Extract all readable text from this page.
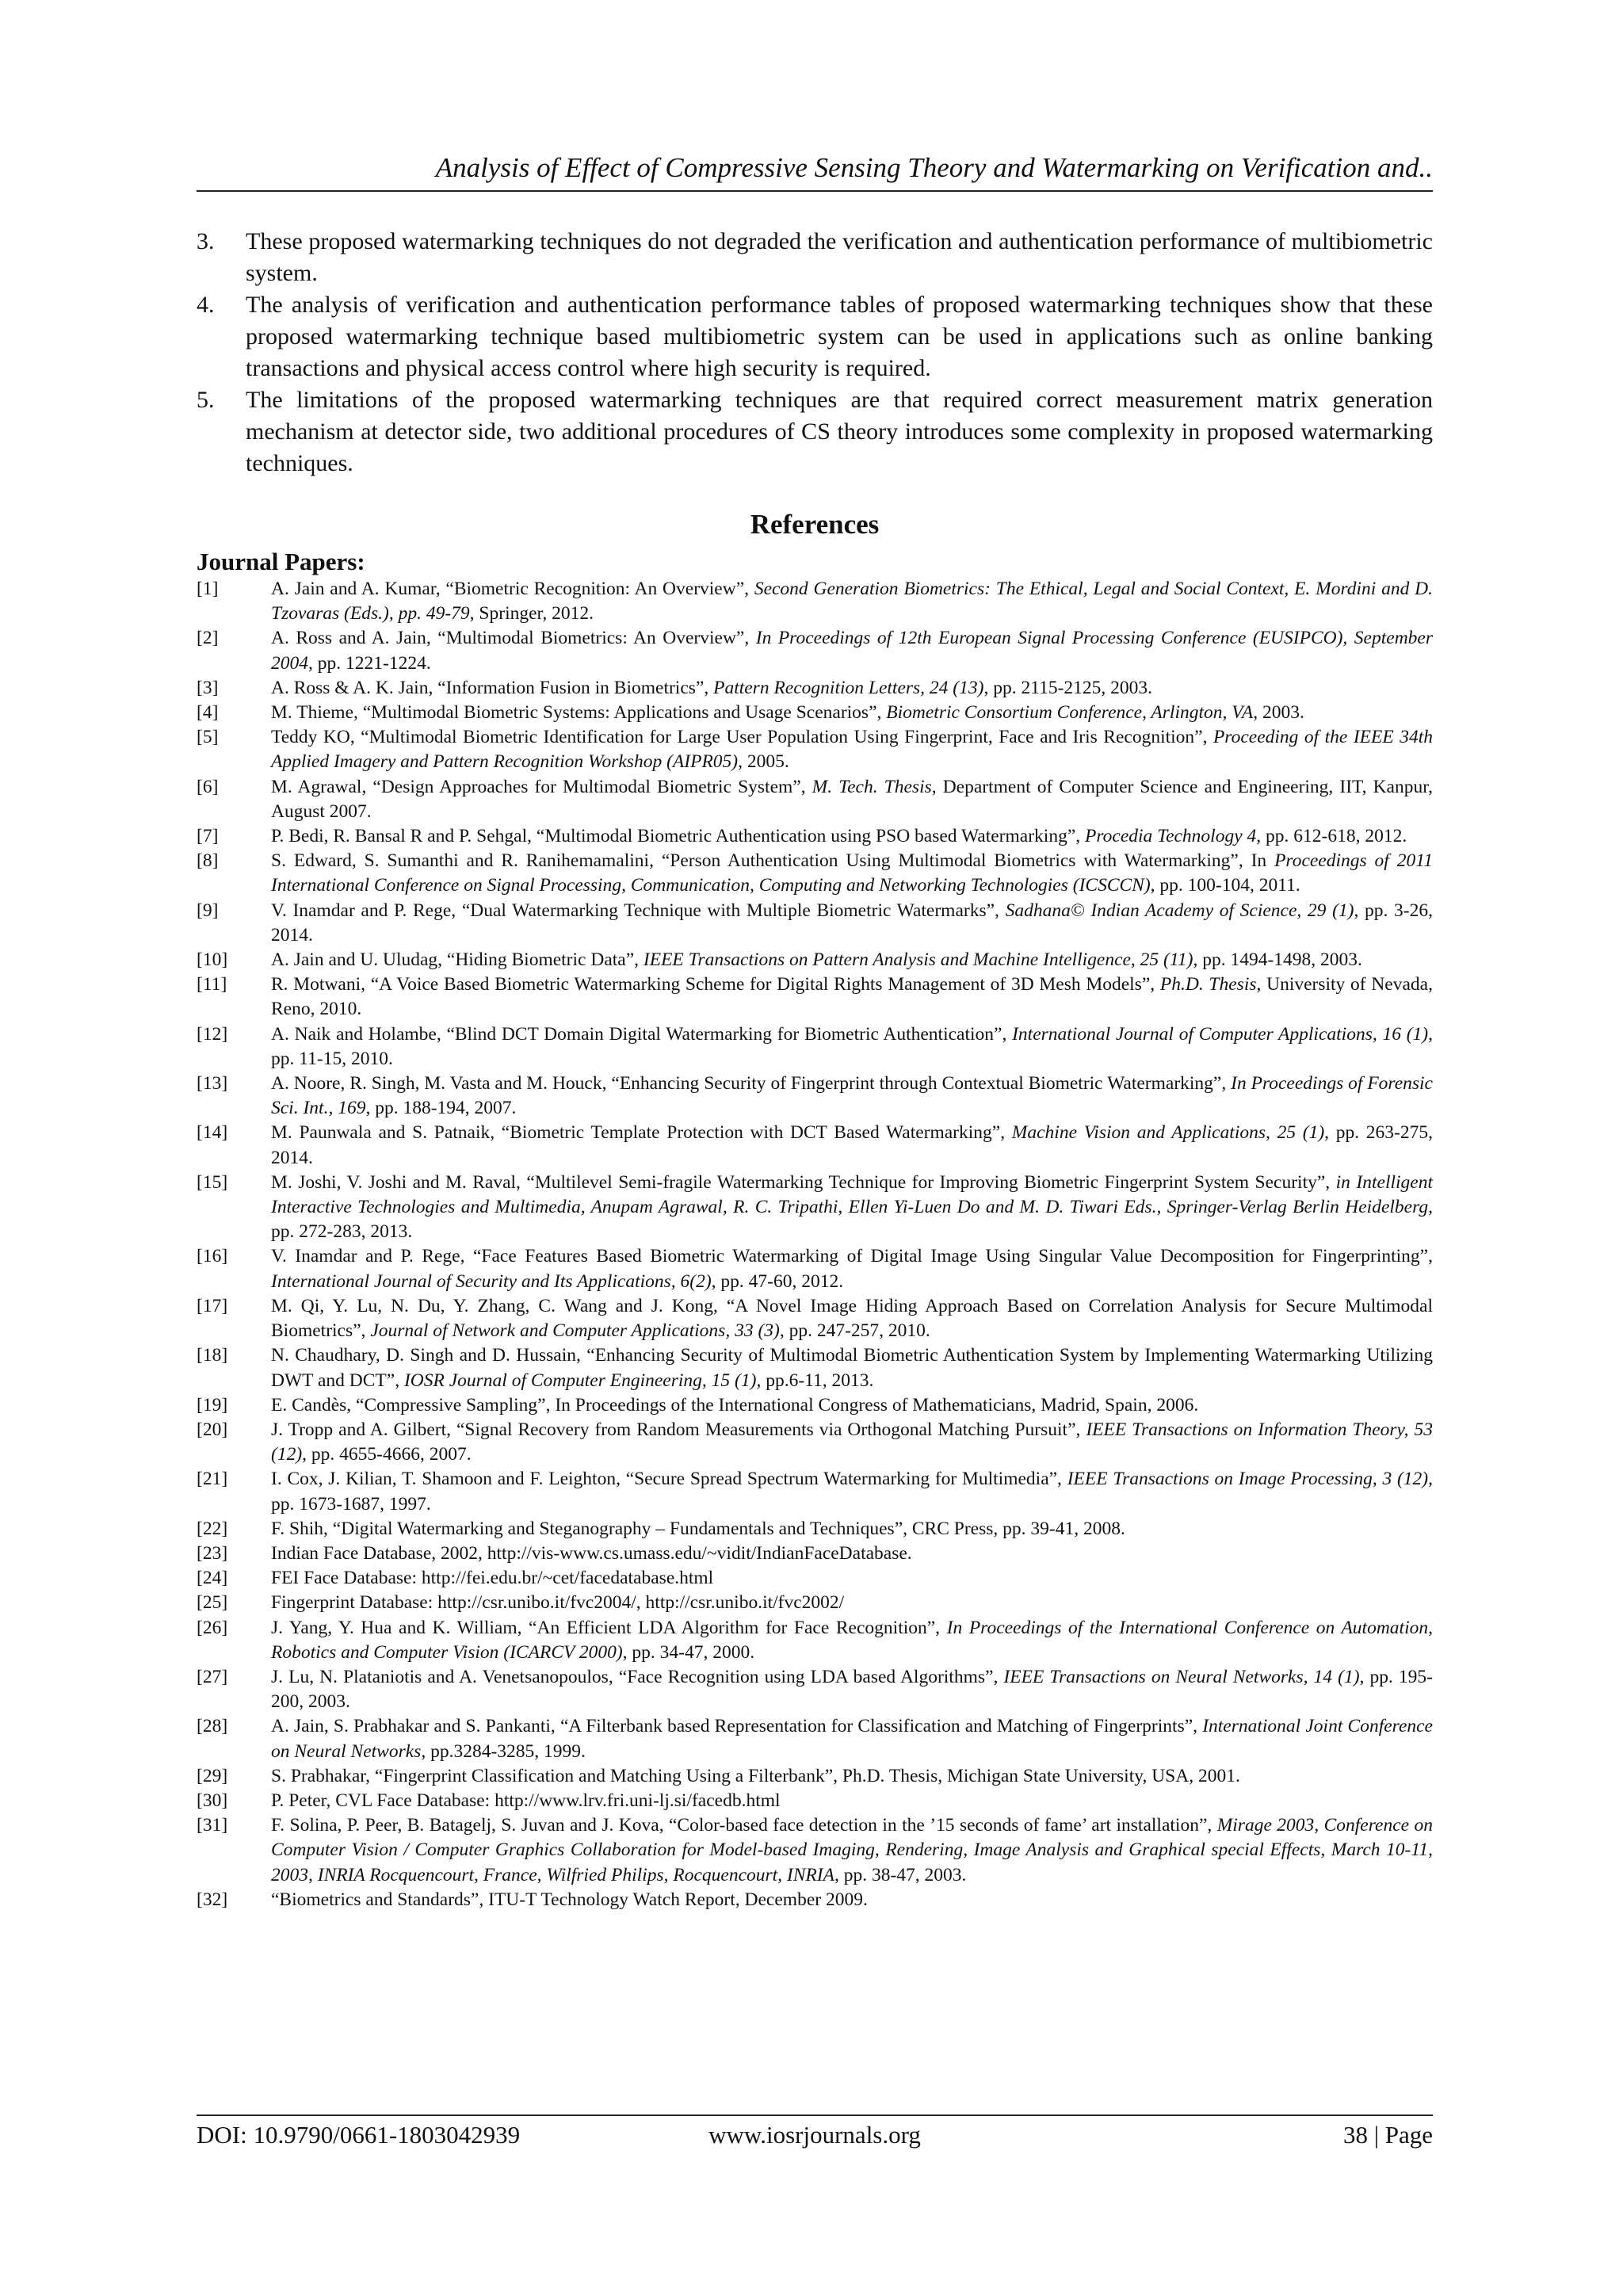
Analysis of Effect of Compressive Sensing Theory and Watermarking on Verification and..
3.	These proposed watermarking techniques do not degraded the verification and authentication performance of multibiometric system.
4.	The analysis of verification and authentication performance tables of proposed watermarking techniques show that these proposed watermarking technique based multibiometric system can be used in applications such as online banking transactions and physical access control where high security is required.
5.	The limitations of the proposed watermarking techniques are that required correct measurement matrix generation mechanism at detector side, two additional procedures of CS theory introduces some complexity in proposed watermarking techniques.
References
Journal Papers:
[1]	A. Jain and A. Kumar, “Biometric Recognition: An Overview”, Second Generation Biometrics: The Ethical, Legal and Social Context, E. Mordini and D. Tzovaras (Eds.), pp. 49-79, Springer, 2012.
[2]	A. Ross and A. Jain, “Multimodal Biometrics: An Overview”, In Proceedings of 12th European Signal Processing Conference (EUSIPCO), September 2004, pp. 1221-1224.
[3]	A. Ross & A. K. Jain, “Information Fusion in Biometrics”, Pattern Recognition Letters, 24 (13), pp. 2115-2125, 2003.
[4]	M. Thieme, “Multimodal Biometric Systems: Applications and Usage Scenarios”, Biometric Consortium Conference, Arlington, VA, 2003.
[5]	Teddy KO, “Multimodal Biometric Identification for Large User Population Using Fingerprint, Face and Iris Recognition”, Proceeding of the IEEE 34th Applied Imagery and Pattern Recognition Workshop (AIPR05), 2005.
[6]	M. Agrawal, “Design Approaches for Multimodal Biometric System”, M. Tech. Thesis, Department of Computer Science and Engineering, IIT, Kanpur, August 2007.
[7]	P. Bedi, R. Bansal R and P. Sehgal, “Multimodal Biometric Authentication using PSO based Watermarking”, Procedia Technology 4, pp. 612-618, 2012.
[8]	S. Edward, S. Sumanthi and R. Ranihemamalini, “Person Authentication Using Multimodal Biometrics with Watermarking”, In Proceedings of 2011 International Conference on Signal Processing, Communication, Computing and Networking Technologies (ICSCCN), pp. 100-104, 2011.
[9]	V. Inamdar and P. Rege, “Dual Watermarking Technique with Multiple Biometric Watermarks”, Sadhana© Indian Academy of Science, 29 (1), pp. 3-26, 2014.
[10]	A. Jain and U. Uludag, “Hiding Biometric Data”, IEEE Transactions on Pattern Analysis and Machine Intelligence, 25 (11), pp. 1494-1498, 2003.
[11]	R. Motwani, “A Voice Based Biometric Watermarking Scheme for Digital Rights Management of 3D Mesh Models”, Ph.D. Thesis, University of Nevada, Reno, 2010.
[12]	A. Naik and Holambe, “Blind DCT Domain Digital Watermarking for Biometric Authentication”, International Journal of Computer Applications, 16 (1), pp. 11-15, 2010.
[13]	A. Noore, R. Singh, M. Vasta and M. Houck, “Enhancing Security of Fingerprint through Contextual Biometric Watermarking”, In Proceedings of Forensic Sci. Int., 169, pp. 188-194, 2007.
[14]	M. Paunwala and S. Patnaik, “Biometric Template Protection with DCT Based Watermarking”, Machine Vision and Applications, 25 (1), pp. 263-275, 2014.
[15]	M. Joshi, V. Joshi and M. Raval, “Multilevel Semi-fragile Watermarking Technique for Improving Biometric Fingerprint System Security”, in Intelligent Interactive Technologies and Multimedia, Anupam Agrawal, R. C. Tripathi, Ellen Yi-Luen Do and M. D. Tiwari Eds., Springer-Verlag Berlin Heidelberg, pp. 272-283, 2013.
[16]	V. Inamdar and P. Rege, “Face Features Based Biometric Watermarking of Digital Image Using Singular Value Decomposition for Fingerprinting”, International Journal of Security and Its Applications, 6(2), pp. 47-60, 2012.
[17]	M. Qi, Y. Lu, N. Du, Y. Zhang, C. Wang and J. Kong, “A Novel Image Hiding Approach Based on Correlation Analysis for Secure Multimodal Biometrics”, Journal of Network and Computer Applications, 33 (3), pp. 247-257, 2010.
[18]	N. Chaudhary, D. Singh and D. Hussain, “Enhancing Security of Multimodal Biometric Authentication System by Implementing Watermarking Utilizing DWT and DCT”, IOSR Journal of Computer Engineering, 15 (1), pp.6-11, 2013.
[19]	E. Candès, “Compressive Sampling”, In Proceedings of the International Congress of Mathematicians, Madrid, Spain, 2006.
[20]	J. Tropp and A. Gilbert, “Signal Recovery from Random Measurements via Orthogonal Matching Pursuit”, IEEE Transactions on Information Theory, 53 (12), pp. 4655-4666, 2007.
[21]	I. Cox, J. Kilian, T. Shamoon and F. Leighton, “Secure Spread Spectrum Watermarking for Multimedia”, IEEE Transactions on Image Processing, 3 (12), pp. 1673-1687, 1997.
[22]	F. Shih, “Digital Watermarking and Steganography – Fundamentals and Techniques”, CRC Press, pp. 39-41, 2008.
[23]	Indian Face Database, 2002, http://vis-www.cs.umass.edu/~vidit/IndianFaceDatabase.
[24]	FEI Face Database: http://fei.edu.br/~cet/facedatabase.html
[25]	Fingerprint Database: http://csr.unibo.it/fvc2004/, http://csr.unibo.it/fvc2002/
[26]	J. Yang, Y. Hua and K. William, “An Efficient LDA Algorithm for Face Recognition”, In Proceedings of the International Conference on Automation, Robotics and Computer Vision (ICARCV 2000), pp. 34-47, 2000.
[27]	J. Lu, N. Plataniotis and A. Venetsanopoulos, “Face Recognition using LDA based Algorithms”, IEEE Transactions on Neural Networks, 14 (1), pp. 195-200, 2003.
[28]	A. Jain, S. Prabhakar and S. Pankanti, “A Filterbank based Representation for Classification and Matching of Fingerprints”, International Joint Conference on Neural Networks, pp.3284-3285, 1999.
[29]	S. Prabhakar, “Fingerprint Classification and Matching Using a Filterbank”, Ph.D. Thesis, Michigan State University, USA, 2001.
[30]	P. Peter, CVL Face Database: http://www.lrv.fri.uni-lj.si/facedb.html
[31]	F. Solina, P. Peer, B. Batagelj, S. Juvan and J. Kova, “Color-based face detection in the ’15 seconds of fame’ art installation”, Mirage 2003, Conference on Computer Vision / Computer Graphics Collaboration for Model-based Imaging, Rendering, Image Analysis and Graphical special Effects, March 10-11, 2003, INRIA Rocquencourt, France, Wilfried Philips, Rocquencourt, INRIA, pp. 38-47, 2003.
[32]	“Biometrics and Standards”, ITU-T Technology Watch Report, December 2009.
DOI: 10.9790/0661-1803042939	www.iosrjournals.org	38 | Page
